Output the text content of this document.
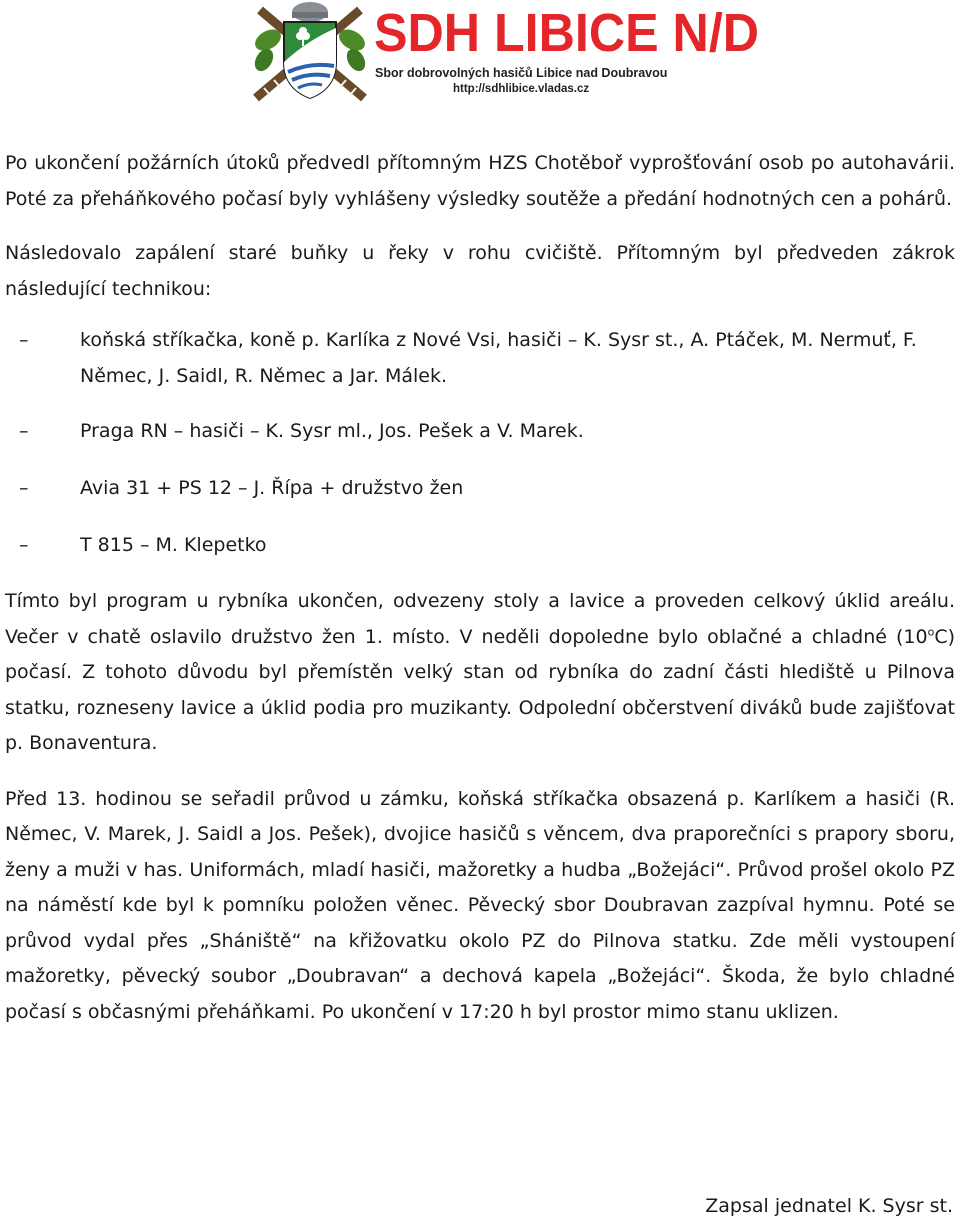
SDH LIBICE N/D
Sbor dobrovolných hasičů Libice nad Doubravou
http://sdhlibice.vladas.cz

Po ukončení požárních útoků předvedl přítomným HZS Chotěboř vyprošťování osob po autohavárii. Poté za přeháňkového počasí byly vyhlášeny výsledky soutěže a předání hodnotných cen a pohárů.

Následovalo zapálení staré buňky u řeky v rohu cvičiště. Přítomným byl předveden zákrok následující technikou:

–	koňská stříkačka, koně p. Karlíka z Nové Vsi, hasiči – K. Sysr st., A. Ptáček, M. Nermuť, F. Němec, J. Saidl, R. Němec a Jar. Málek.
–	Praga RN – hasiči – K. Sysr ml., Jos. Pešek a V. Marek.
–	Avia 31 + PS 12 – J. Řípa + družstvo žen
–	T 815 – M. Klepetko

Tímto byl program u rybníka ukončen, odvezeny stoly a lavice a proveden celkový úklid areálu. Večer v chatě oslavilo družstvo žen 1. místo. V neděli dopoledne bylo oblačné a chladné (10$^o$C) počasí. Z tohoto důvodu byl přemístěn velký stan od rybníka do zadní části hlediště u Pilnova statku, rozneseny lavice a úklid podia pro muzikanty. Odpolední občerstvení diváků bude zajišťovat p. Bonaventura.

Před 13. hodinou se seřadil průvod u zámku, koňská stříkačka obsazená p. Karlíkem a hasiči (R. Němec, V. Marek, J. Saidl a Jos. Pešek), dvojice hasičů s věncem, dva praporečníci s prapory sboru, ženy a muži v has. Uniformách, mladí hasiči, mažoretky a hudba „Božejáci“. Průvod prošel okolo PZ na náměstí kde byl k pomníku položen věnec. Pěvecký sbor Doubravan zazpíval hymnu. Poté se průvod vydal přes „Shániště“ na křižovatku okolo PZ do Pilnova statku. Zde měli vystoupení mažoretky, pěvecký soubor „Doubravan“ a dechová kapela „Božejáci“. Škoda, že bylo chladné počasí s občasnými přeháňkami. Po ukončení v 17:20 h byl prostor mimo stanu uklizen.

Zapsal jednatel K. Sysr st.
